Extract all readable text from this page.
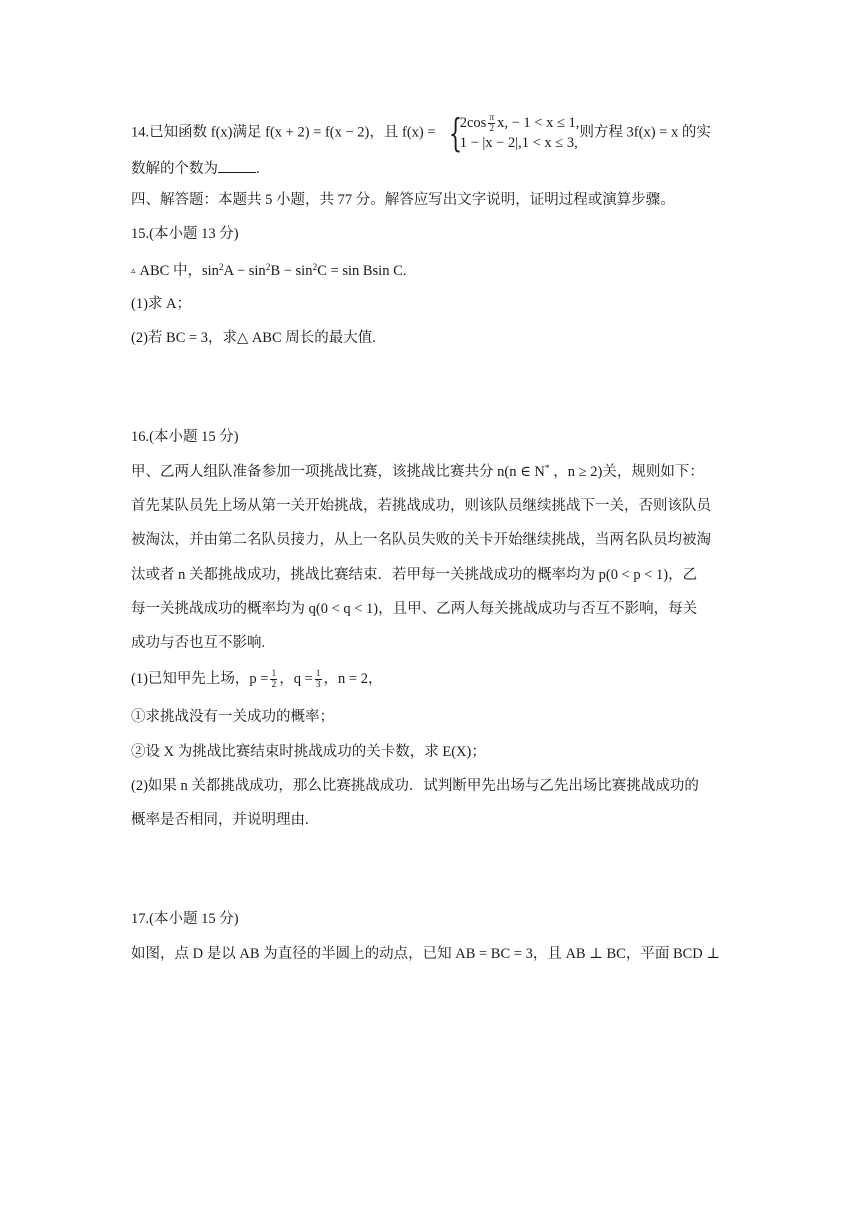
14.已知函数 f(x)满足 f(x + 2) = f(x − 2)，且 f(x) = {
$2\cos \frac{\pi}{2} x$, − 1 < x ≤ 1,
1 − |x − 2|,1 < x ≤ 3,
则方程 3f(x) = x 的实
数解的个数为	.
四、解答题：本题共 5 小题，共 77 分。解答应写出文字说明，证明过程或演算步骤。
15.(本小题 13 分)
▵ ABC 中，$\sin^2A - \sin^2B - \sin^2C = \sin Bsin$ C.
(1)求 A；
(2)若 BC = 3，求△ ABC 周长的最大值.
16.(本小题 15 分)
甲、乙两人组队准备参加一项挑战比赛，该挑战比赛共分 n(n ∈ N* ，n ≥ 2)关，规则如下：
首先某队员先上场从第一关开始挑战，若挑战成功，则该队员继续挑战下一关，否则该队员
被淘汰，并由第二名队员接力，从上一名队员失败的关卡开始继续挑战，当两名队员均被淘
汰或者 n 关都挑战成功，挑战比赛结束．若甲每一关挑战成功的概率均为 p(0 < p < 1)，乙
每一关挑战成功的概率均为 q(0 < q < 1)，且甲、乙两人每关挑战成功与否互不影响，每关
成功与否也互不影响.
(1)已知甲先上场，$p = \frac{1}{2}$ ，$q = \frac{1}{3}$ ，n = 2，
①求挑战没有一关成功的概率；
②设 X 为挑战比赛结束时挑战成功的关卡数，求 E(X)；
(2)如果 n 关都挑战成功，那么比赛挑战成功．试判断甲先出场与乙先出场比赛挑战成功的
概率是否相同，并说明理由.
17.(本小题 15 分)
如图，点 D 是以 AB 为直径的半圆上的动点，已知 AB = BC = 3，且 AB ⊥ BC，平面 BCD ⊥
